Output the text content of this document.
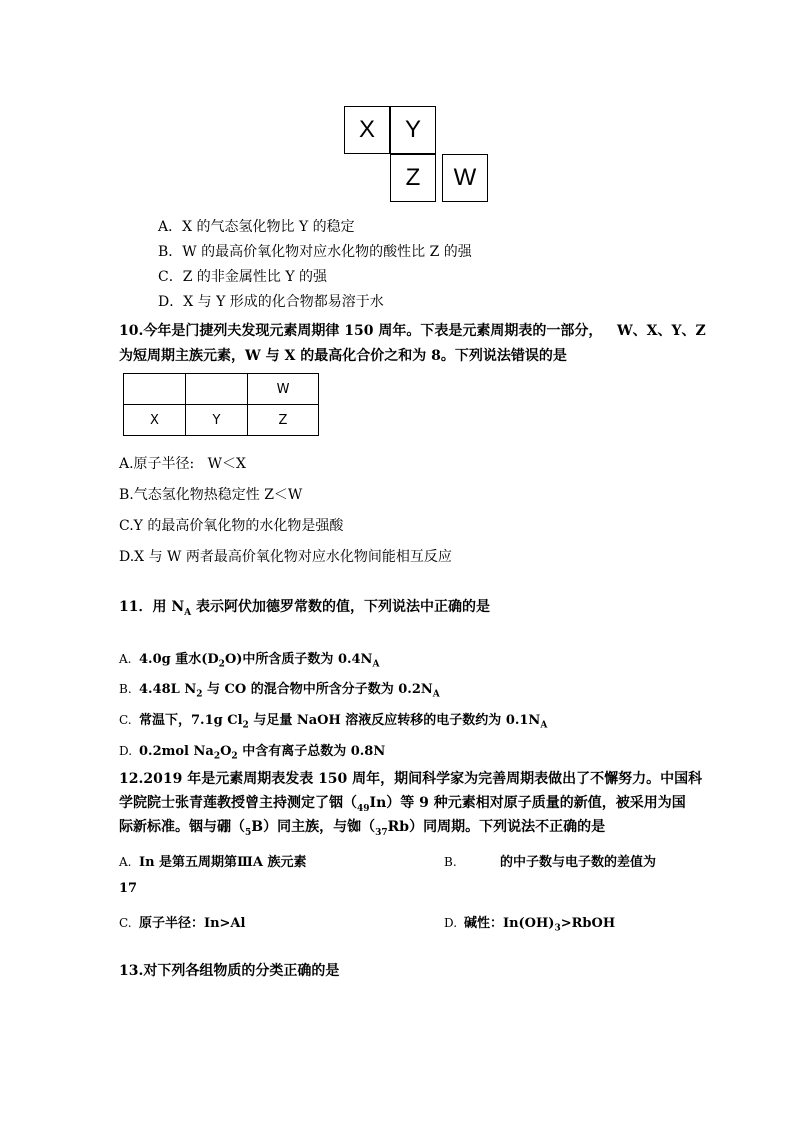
X	Y
Z	W
A．X 的气态氢化物比 Y 的稳定
B．W 的最高价氧化物对应水化物的酸性比 Z 的强
C．Z 的非金属性比 Y 的强
D．X 与 Y 形成的化合物都易溶于水
10.今年是门捷列夫发现元素周期律 150 周年。下表是元素周期表的一部分，   W、X、Y、Z
为短周期主族元素，W 与 X 的最高化合价之和为 8。下列说法错误的是
		W
X	Y	Z
A.原子半径:   W＜X
B.气态氢化物热稳定性 Z＜W
C.Y 的最高价氧化物的水化物是强酸
D.X 与 W 两者最高价氧化物对应水化物间能相互反应
11．用 $N_A$ 表示阿伏加德罗常数的值，下列说法中正确的是
A. 4.0g 重水$(D_2O)$中所含质子数为 $0.4N_A$
B. 4.48L $N_2$ 与 CO 的混合物中所含分子数为 $0.2N_A$
C. 常温下，7.1g $Cl_2$ 与足量 NaOH 溶液反应转移的电子数约为 $0.1N_A$
D. 0.2mol $Na_2O_2$ 中含有离子总数为 0.8N
12.2019 年是元素周期表发表 150 周年，期间科学家为完善周期表做出了不懈努力。中国科
学院院士张青莲教授曾主持测定了铟$(_{49}In)$等 9 种元素相对原子质量的新值，被采用为国
际新标准。铟与硼$(_5B)$同主族，与铷$(_{37}Rb)$同周期。下列说法不正确的是
A. In 是第五周期第ⅢA 族元素	B.	的中子数与电子数的差值为
17
C. 原子半径：In>Al	D. 碱性：$In(OH)_3>RbOH$
13.对下列各组物质的分类正确的是
